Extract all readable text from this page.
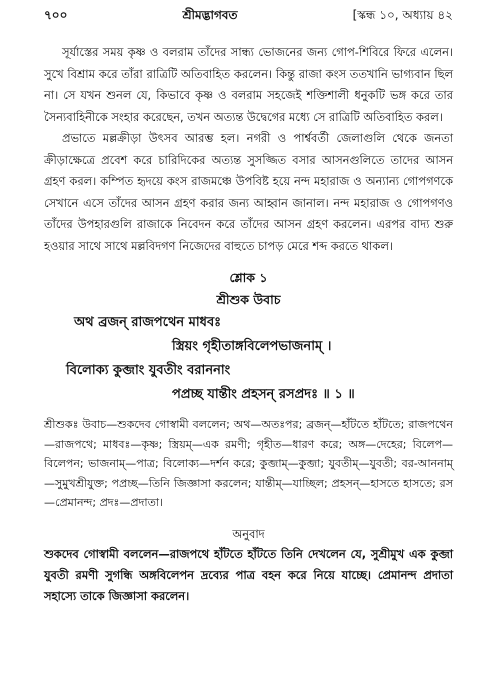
৭০০	শ্রীমদ্ভাগবত	[স্কন্ধ ১০, অধ্যায় ৪২

সূর্যাস্তের সময় কৃষ্ণ ও বলরাম তাঁদের সান্ধ্য ভোজনের জন্য গোপ-শিবিরে ফিরে এলেন। সুখে বিশ্রাম করে তাঁরা রাত্রিটি অতিবাহিত করলেন। কিন্তু রাজা কংস ততখানি ভাগ্যবান ছিল না। সে যখন শুনল যে, কিভাবে কৃষ্ণ ও বলরাম সহজেই শক্তিশালী ধনুকটি ভঙ্গ করে তার সৈন্যবাহিনীকে সংহার করেছেন, তখন অত্যন্ত উদ্বেগের মধ্যে সে রাত্রিটি অতিবাহিত করল।

প্রভাতে মল্লক্রীড়া উৎসব আরম্ভ হল। নগরী ও পার্শ্ববর্তী জেলাগুলি থেকে জনতা ক্রীড়াক্ষেত্রে প্রবেশ করে চারিদিকের অত্যন্ত সুসজ্জিত বসার আসনগুলিতে তাদের আসন গ্রহণ করল। কম্পিত হৃদয়ে কংস রাজমঞ্চে উপবিষ্ট হয়ে নন্দ মহারাজ ও অন্যান্য গোপগণকে সেখানে এসে তাঁদের আসন গ্রহণ করার জন্য আহ্বান জানাল। নন্দ মহারাজ ও গোপগণও তাঁদের উপহারগুলি রাজাকে নিবেদন করে তাঁদের আসন গ্রহণ করলেন। এরপর বাদ্য শুরু হওয়ার সাথে সাথে মল্লবিদগণ নিজেদের বাহুতে চাপড় মেরে শব্দ করতে থাকল।

শ্লোক ১

শ্রীশুক উবাচ

অথ ব্রজন্ রাজপথেন মাধবঃ

স্ত্রিয়ং গৃহীতাঙ্গবিলেপভাজনাম্ ।

বিলোক্য কুব্জাং যুবতীং বরাননাং

পপ্রচ্ছ যান্তীং প্রহসন্ রসপ্রদঃ ॥ ১ ॥

শ্রীশুকঃ উবাচ—শুকদেব গোস্বামী বললেন; অথ—অতঃপর; ব্রজন্—হাঁটতে হাঁটতে; রাজপথেন—রাজপথে; মাধবঃ—কৃষ্ণ; স্ত্রিয়ম্—এক রমণী; গৃহীত—ধারণ করে; অঙ্গ—দেহের; বিলেপ—বিলেপন; ভাজনাম্—পাত্র; বিলোক্য—দর্শন করে; কুব্জাম্—কুব্জা; যুবতীম্—যুবতী; বর-আননাম্—সুমুখশ্রীযুক্ত; পপ্রচ্ছ—তিনি জিজ্ঞাসা করলেন; যান্তীম্—যাচ্ছিল; প্রহসন্—হাসতে হাসতে; রস—প্রেমানন্দ; প্রদঃ—প্রদাতা।

অনুবাদ

শুকদেব গোস্বামী বললেন—রাজপথে হাঁটতে হাঁটতে তিনি দেখলেন যে, সুশ্রীমুখ এক কুব্জা যুবতী রমণী সুগন্ধি অঙ্গবিলেপন দ্রব্যের পাত্র বহন করে নিয়ে যাচ্ছে। প্রেমানন্দ প্রদাতা সহাস্যে তাকে জিজ্ঞাসা করলেন।
